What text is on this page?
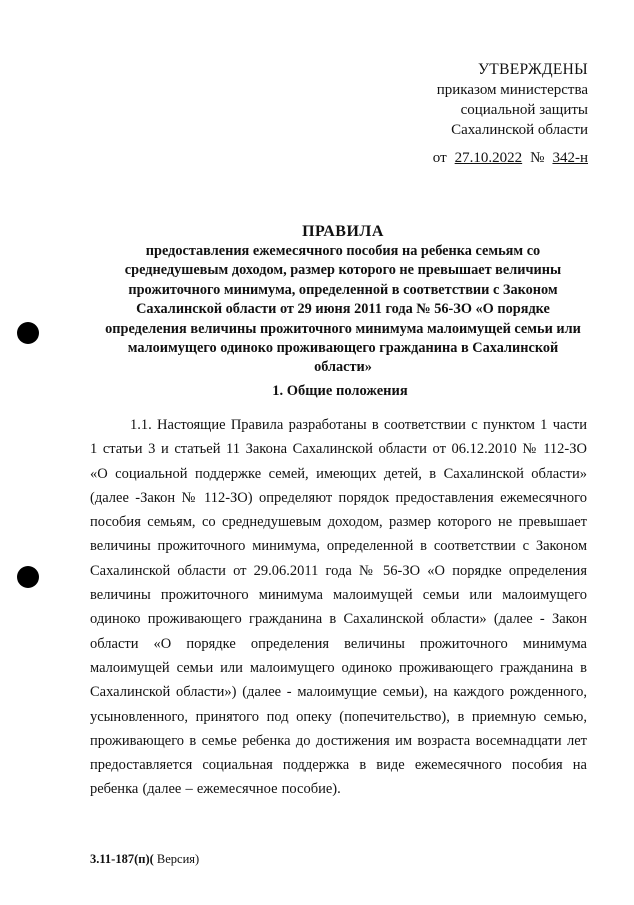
УТВЕРЖДЕНЫ
приказом министерства
социальной защиты
Сахалинской области
от 27.10.2022 № 342-н
ПРАВИЛА
предоставления ежемесячного пособия на ребенка семьям со среднедушевым доходом, размер которого не превышает величины прожиточного минимума, определенной в соответствии с Законом Сахалинской области от 29 июня 2011 года № 56-ЗО «О порядке определения величины прожиточного минимума малоимущей семьи или малоимущего одиноко проживающего гражданина в Сахалинской области»
1. Общие положения
1.1. Настоящие Правила разработаны в соответствии с пунктом 1 части 1 статьи 3 и статьей 11 Закона Сахалинской области от 06.12.2010 № 112-ЗО «О социальной поддержке семей, имеющих детей, в Сахалинской области» (далее -Закон № 112-ЗО) определяют порядок предоставления ежемесячного пособия семьям, со среднедушевым доходом, размер которого не превышает величины прожиточного минимума, определенной в соответствии с Законом Сахалинской области от 29.06.2011 года № 56-ЗО «О порядке определения величины прожиточного минимума малоимущей семьи или малоимущего одиноко проживающего гражданина в Сахалинской области» (далее - Закон области «О порядке определения величины прожиточного минимума малоимущей семьи или малоимущего одиноко проживающего гражданина в Сахалинской области») (далее - малоимущие семьи), на каждого рожденного, усыновленного, принятого под опеку (попечительство), в приемную семью, проживающего в семье ребенка до достижения им возраста восемнадцати лет предоставляется социальная поддержка в виде ежемесячного пособия на ребенка (далее – ежемесячное пособие).
3.11-187(п)( Версия)
